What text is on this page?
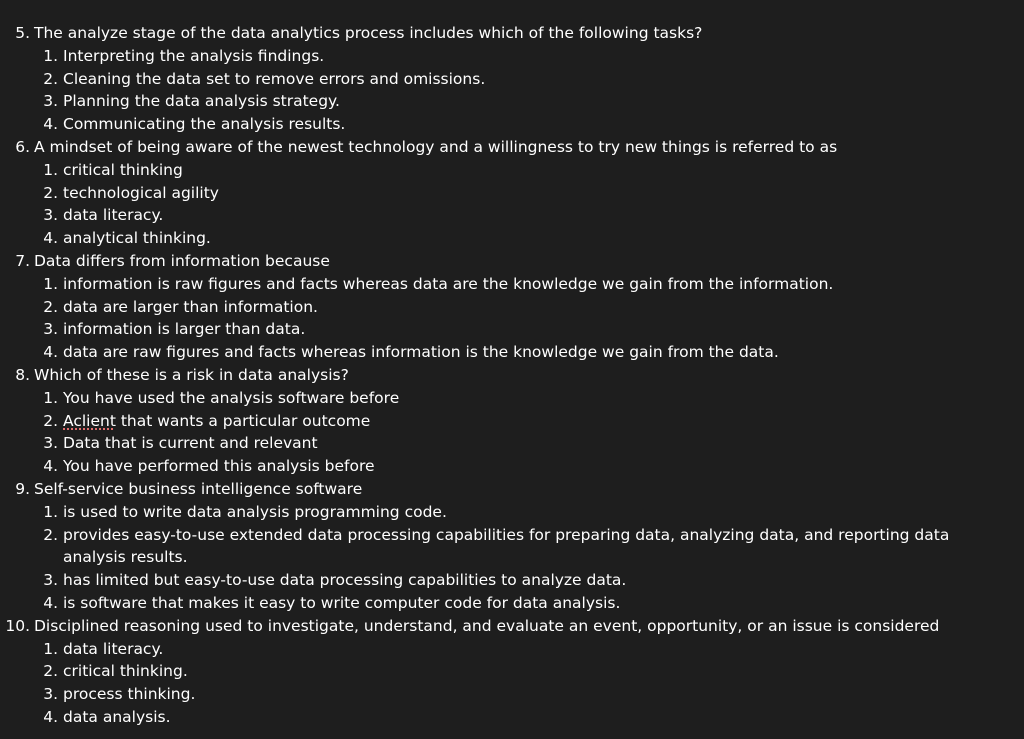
5. The analyze stage of the data analytics process includes which of the following tasks?
1. Interpreting the analysis findings.
2. Cleaning the data set to remove errors and omissions.
3. Planning the data analysis strategy.
4. Communicating the analysis results.
6. A mindset of being aware of the newest technology and a willingness to try new things is referred to as
1. critical thinking
2. technological agility
3. data literacy.
4. analytical thinking.
7. Data differs from information because
1. information is raw figures and facts whereas data are the knowledge we gain from the information.
2. data are larger than information.
3. information is larger than data.
4. data are raw figures and facts whereas information is the knowledge we gain from the data.
8. Which of these is a risk in data analysis?
1. You have used the analysis software before
2. Aclient that wants a particular outcome
3. Data that is current and relevant
4. You have performed this analysis before
9. Self-service business intelligence software
1. is used to write data analysis programming code.
2. provides easy-to-use extended data processing capabilities for preparing data, analyzing data, and reporting data analysis results.
3. has limited but easy-to-use data processing capabilities to analyze data.
4. is software that makes it easy to write computer code for data analysis.
10. Disciplined reasoning used to investigate, understand, and evaluate an event, opportunity, or an issue is considered
1. data literacy.
2. critical thinking.
3. process thinking.
4. data analysis.
